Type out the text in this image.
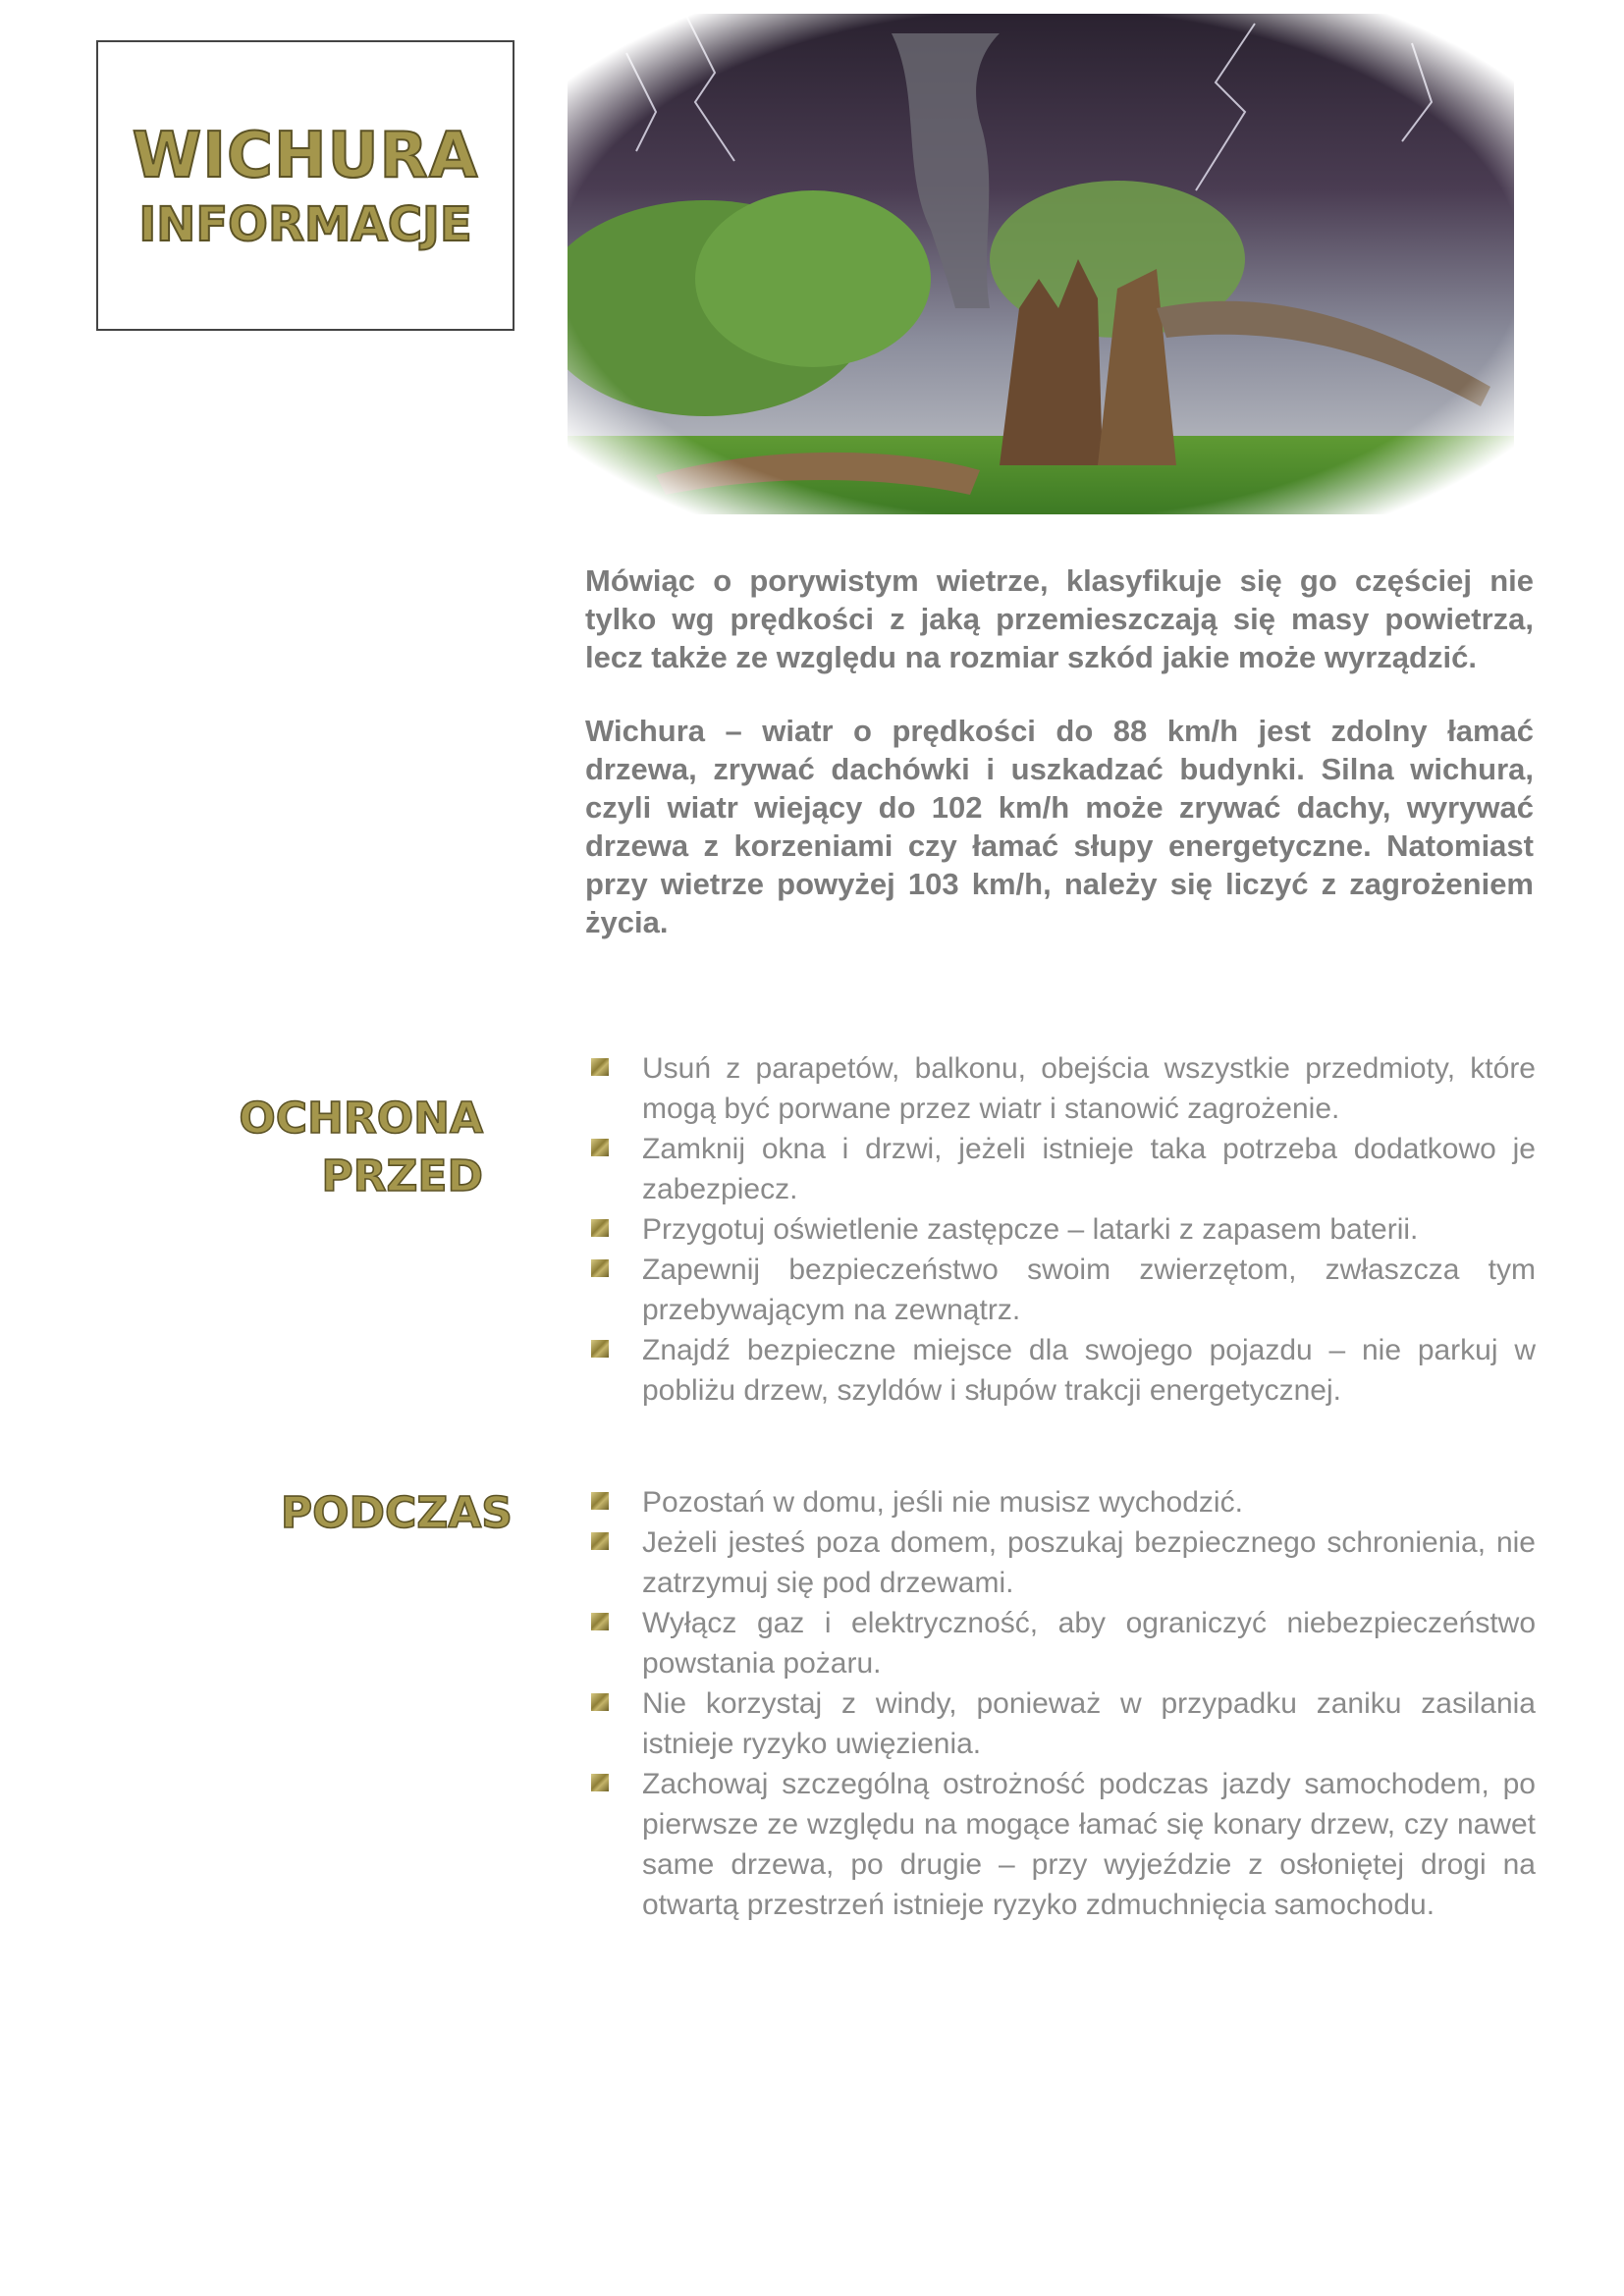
WICHURA
INFORMACJE

Mówiąc o porywistym wietrze, klasyfikuje się go częściej nie tylko wg prędkości z jaką przemieszczają się masy powietrza, lecz także ze względu na rozmiar szkód jakie może wyrządzić.

Wichura – wiatr o prędkości do 88 km/h jest zdolny łamać drzewa, zrywać dachówki i uszkadzać budynki. Silna wichura, czyli wiatr wiejący do 102 km/h może zrywać dachy, wyrywać drzewa z korzeniami czy łamać słupy energetyczne. Natomiast przy wietrze powyżej 103 km/h, należy się liczyć z zagrożeniem życia.

OCHRONA
PRZED
Usuń z parapetów, balkonu, obejścia wszystkie przedmioty, które mogą być porwane przez wiatr i stanowić zagrożenie.
Zamknij okna i drzwi, jeżeli istnieje taka potrzeba dodatkowo je zabezpiecz.
Przygotuj oświetlenie zastępcze – latarki z zapasem baterii.
Zapewnij bezpieczeństwo swoim zwierzętom, zwłaszcza tym przebywającym na zewnątrz.
Znajdź bezpieczne miejsce dla swojego pojazdu – nie parkuj w pobliżu drzew, szyldów i słupów trakcji energetycznej.
PODCZAS	Pozostań w domu, jeśli nie musisz wychodzić.
Jeżeli jesteś poza domem, poszukaj bezpiecznego schronienia, nie zatrzymuj się pod drzewami.
Wyłącz gaz i elektryczność, aby ograniczyć niebezpieczeństwo powstania pożaru.
Nie korzystaj z windy, ponieważ w przypadku zaniku zasilania istnieje ryzyko uwięzienia.
Zachowaj szczególną ostrożność podczas jazdy samochodem, po pierwsze ze względu na mogące łamać się konary drzew, czy nawet same drzewa, po drugie – przy wyjeździe z osłoniętej drogi na otwartą przestrzeń istnieje ryzyko zdmuchnięcia samochodu.
